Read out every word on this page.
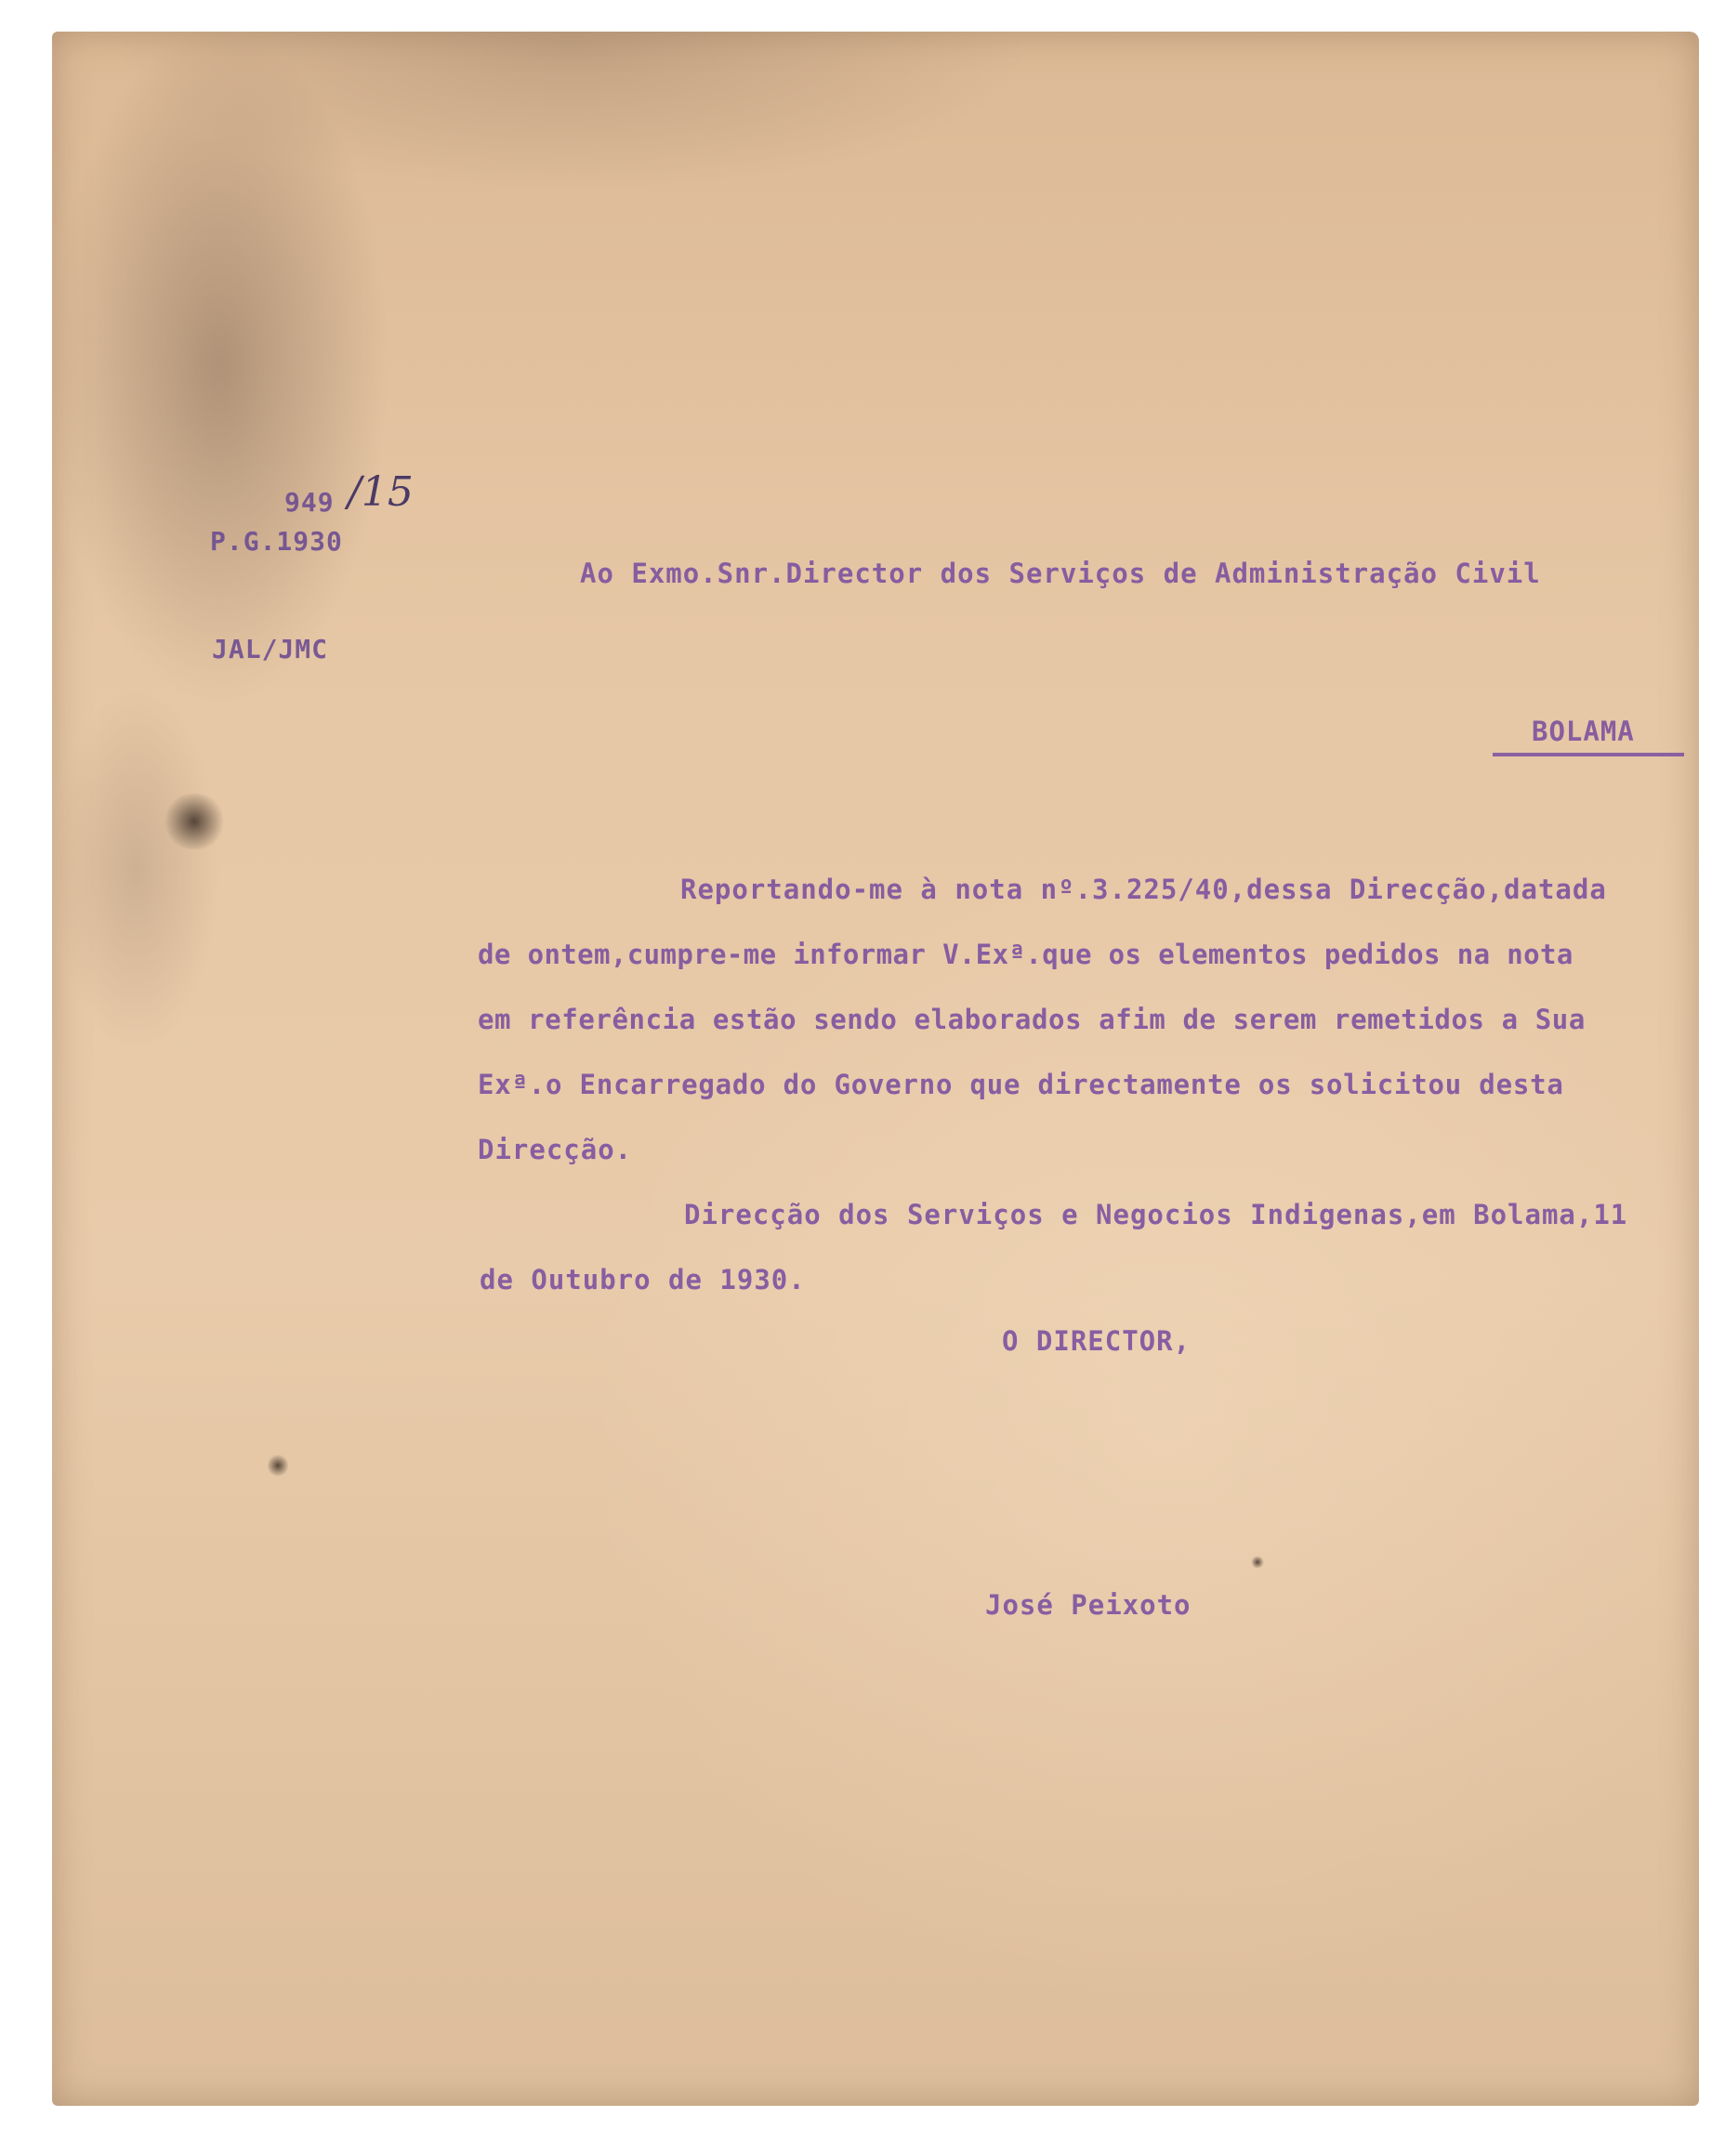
949 /15
P.G.1930
JAL/JMC
Ao Exmo.Snr.Director dos Serviços de Administração Civil
BOLAMA
Reportando-me à nota nº.3.225/40,dessa Direcção,datada
de ontem,cumpre-me informar V.Exª.que os elementos pedidos na nota
em referência estão sendo elaborados afim de serem remetidos a Sua
Exª.o Encarregado do Governo que directamente os solicitou desta
Direcção.
Direcção dos Serviços e Negocios Indigenas,em Bolama,11
de Outubro de 1930.
O DIRECTOR,
José Peixoto
